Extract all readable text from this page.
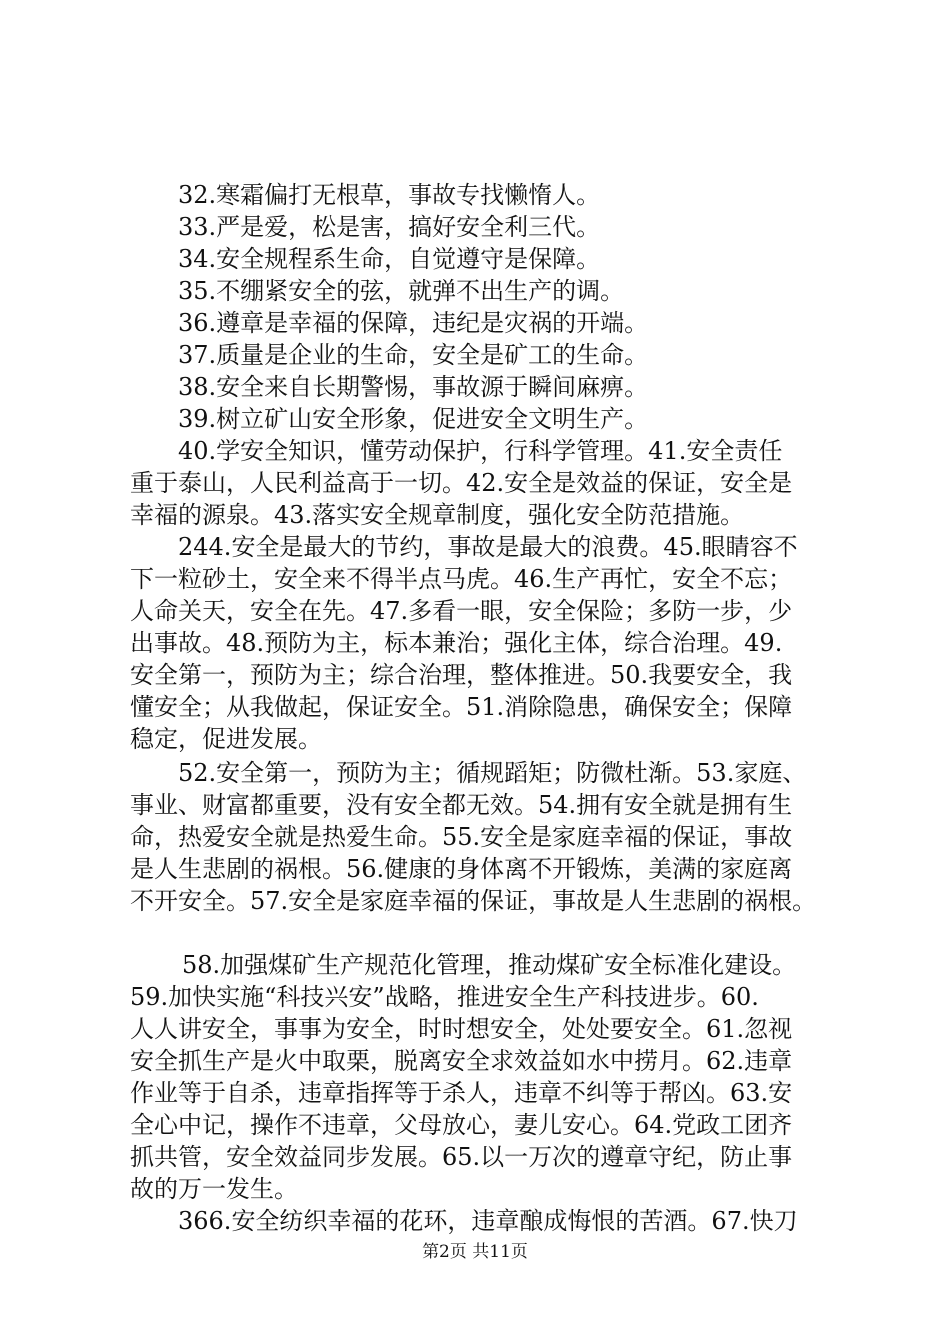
32.寒霜偏打无根草，事故专找懒惰人。
33.严是爱，松是害，搞好安全利三代。
34.安全规程系生命，自觉遵守是保障。
35.不绷紧安全的弦，就弹不出生产的调。
36.遵章是幸福的保障，违纪是灾祸的开端。
37.质量是企业的生命，安全是矿工的生命。
38.安全来自长期警惕，事故源于瞬间麻痹。
39.树立矿山安全形象，促进安全文明生产。
40.学安全知识，懂劳动保护，行科学管理。41.安全责任
重于泰山，人民利益高于一切。42.安全是效益的保证，安全是
幸福的源泉。43.落实安全规章制度，强化安全防范措施。
244.安全是最大的节约，事故是最大的浪费。45.眼睛容不
下一粒砂土，安全来不得半点马虎。46.生产再忙，安全不忘；
人命关天，安全在先。47.多看一眼，安全保险；多防一步，少
出事故。48.预防为主，标本兼治；强化主体，综合治理。49.
安全第一，预防为主；综合治理，整体推进。50.我要安全，我
懂安全；从我做起，保证安全。51.消除隐患，确保安全；保障
稳定，促进发展。
52.安全第一，预防为主；循规蹈矩；防微杜渐。53.家庭、
事业、财富都重要，没有安全都无效。54.拥有安全就是拥有生
命，热爱安全就是热爱生命。55.安全是家庭幸福的保证，事故
是人生悲剧的祸根。56.健康的身体离不开锻炼，美满的家庭离
不开安全。57.安全是家庭幸福的保证，事故是人生悲剧的祸根。
58.加强煤矿生产规范化管理，推动煤矿安全标准化建设。
59.加快实施“科技兴安”战略，推进安全生产科技进步。60.
人人讲安全，事事为安全，时时想安全，处处要安全。61.忽视
安全抓生产是火中取栗，脱离安全求效益如水中捞月。62.违章
作业等于自杀，违章指挥等于杀人，违章不纠等于帮凶。63.安
全心中记，操作不违章，父母放心，妻儿安心。64.党政工团齐
抓共管，安全效益同步发展。65.以一万次的遵章守纪，防止事
故的万一发生。
366.安全纺织幸福的花环，违章酿成悔恨的苦酒。67.快刀
第2页 共11页
